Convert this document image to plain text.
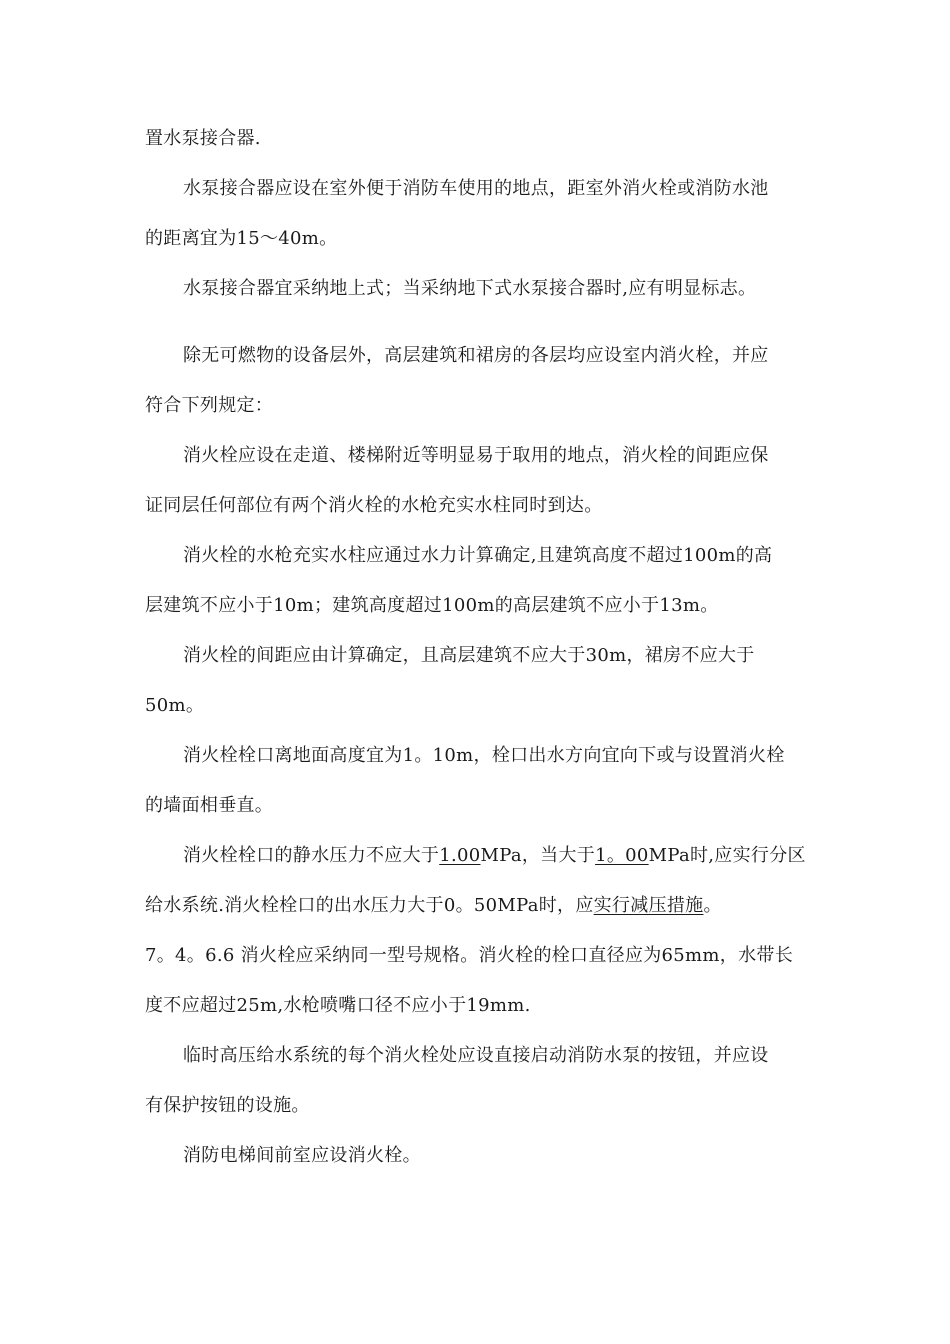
置水泵接合器.
水泵接合器应设在室外便于消防车使用的地点，距室外消火栓或消防水池
的距离宜为15～40m。
水泵接合器宜采纳地上式；当采纳地下式水泵接合器时,应有明显标志。
除无可燃物的设备层外，高层建筑和裙房的各层均应设室内消火栓，并应
符合下列规定：
消火栓应设在走道、楼梯附近等明显易于取用的地点，消火栓的间距应保
证同层任何部位有两个消火栓的水枪充实水柱同时到达。
消火栓的水枪充实水柱应通过水力计算确定,且建筑高度不超过100m的高
层建筑不应小于10m；建筑高度超过100m的高层建筑不应小于13m。
消火栓的间距应由计算确定，且高层建筑不应大于30m，裙房不应大于
50m。
消火栓栓口离地面高度宜为1。10m，栓口出水方向宜向下或与设置消火栓
的墙面相垂直。
消火栓栓口的静水压力不应大于1.00MPa，当大于1。00MPa时,应实行分区
给水系统.消火栓栓口的出水压力大于0。50MPa时，应实行减压措施。
7。4。6.6 消火栓应采纳同一型号规格。消火栓的栓口直径应为65mm，水带长
度不应超过25m,水枪喷嘴口径不应小于19mm.
临时高压给水系统的每个消火栓处应设直接启动消防水泵的按钮，并应设
有保护按钮的设施。
消防电梯间前室应设消火栓。
